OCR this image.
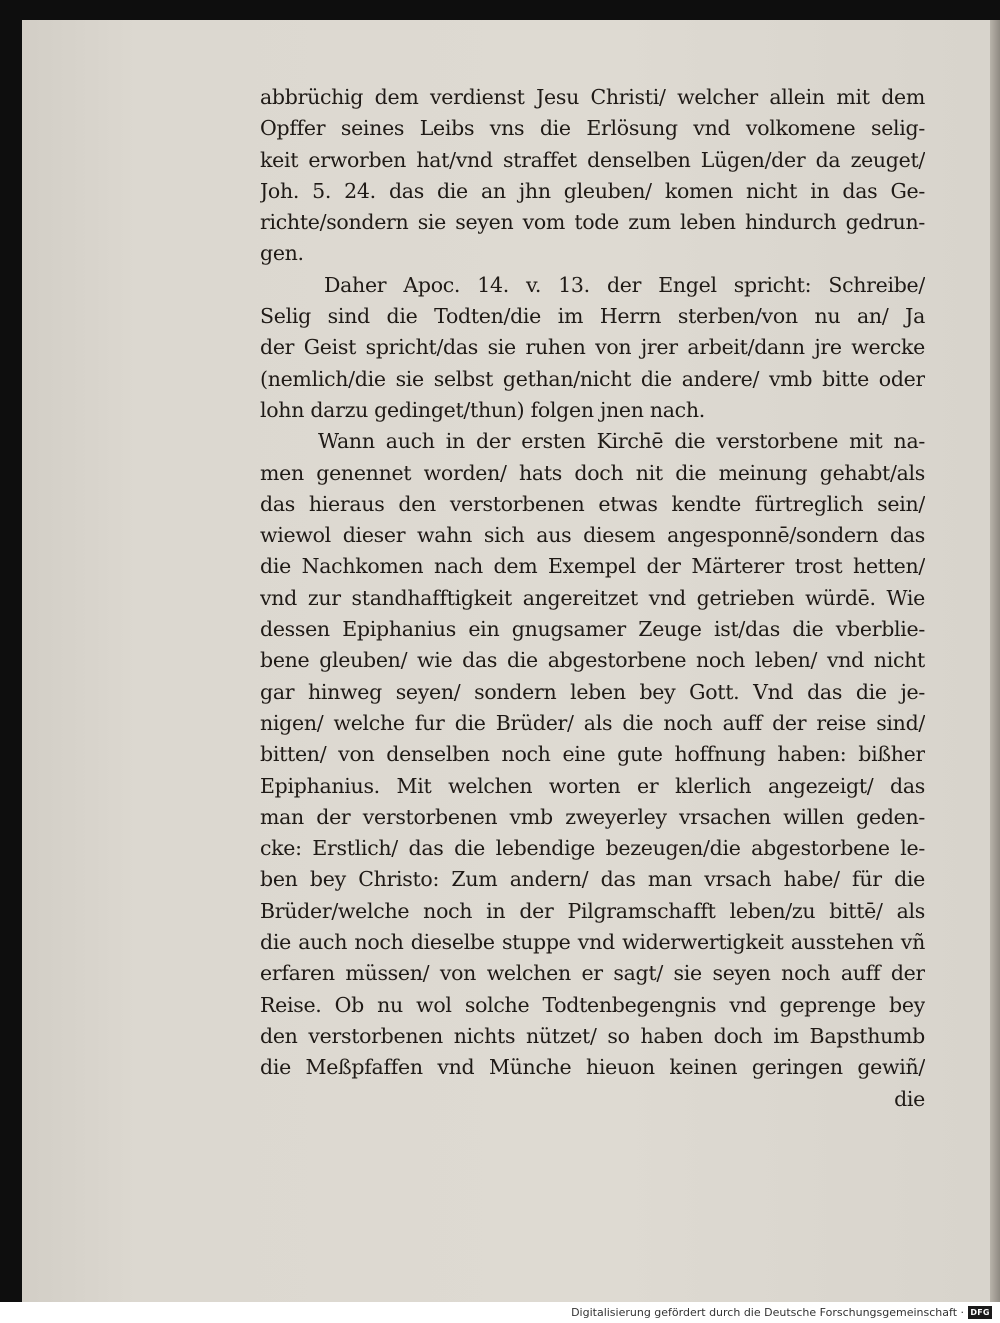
abbrüchig dem verdienst Jesu Christi/ welcher allein mit dem
Opffer seines Leibs vns die Erlösung vnd volkomene selig-
keit erworben hat/vnd straffet denselben Lügen/der da zeuget/
Joh. 5. 24. das die an jhn gleuben/ komen nicht in das Ge-
richte/sondern sie seyen vom tode zum leben hindurch gedrun-
gen.
Daher Apoc. 14. v. 13. der Engel spricht: Schreibe/
Selig sind die Todten/die im Herrn sterben/von nu an/ Ja
der Geist spricht/das sie ruhen von jrer arbeit/dann jre wercke
(nemlich/die sie selbst gethan/nicht die andere/ vmb bitte oder
lohn darzu gedinget/thun) folgen jnen nach.
Wann auch in der ersten Kirchē die verstorbene mit na-
men genennet worden/ hats doch nit die meinung gehabt/als
das hieraus den verstorbenen etwas kendte fürtreglich sein/
wiewol dieser wahn sich aus diesem angesponnē/sondern das
die Nachkomen nach dem Exempel der Märterer trost hetten/
vnd zur standhafftigkeit angereitzet vnd getrieben würdē. Wie
dessen Epiphanius ein gnugsamer Zeuge ist/das die vberblie-
bene gleuben/ wie das die abgestorbene noch leben/ vnd nicht
gar hinweg seyen/ sondern leben bey Gott. Vnd das die je-
nigen/ welche fur die Brüder/ als die noch auff der reise sind/
bitten/ von denselben noch eine gute hoffnung haben: bißher
Epiphanius. Mit welchen worten er klerlich angezeigt/ das
man der verstorbenen vmb zweyerley vrsachen willen geden-
cke: Erstlich/ das die lebendige bezeugen/die abgestorbene le-
ben bey Christo: Zum andern/ das man vrsach habe/ für die
Brüder/welche noch in der Pilgramschafft leben/zu bittē/ als
die auch noch dieselbe stuppe vnd widerwertigkeit ausstehen vñ
erfaren müssen/ von welchen er sagt/ sie seyen noch auff der
Reise. Ob nu wol solche Todtenbegengnis vnd geprenge bey
den verstorbenen nichts nützet/ so haben doch im Bapsthumb
die Meßpfaffen vnd Münche hieuon keinen geringen gewiñ/
die
Digitalisierung gefördert durch die Deutsche Forschungsgemeinschaft · DFG
